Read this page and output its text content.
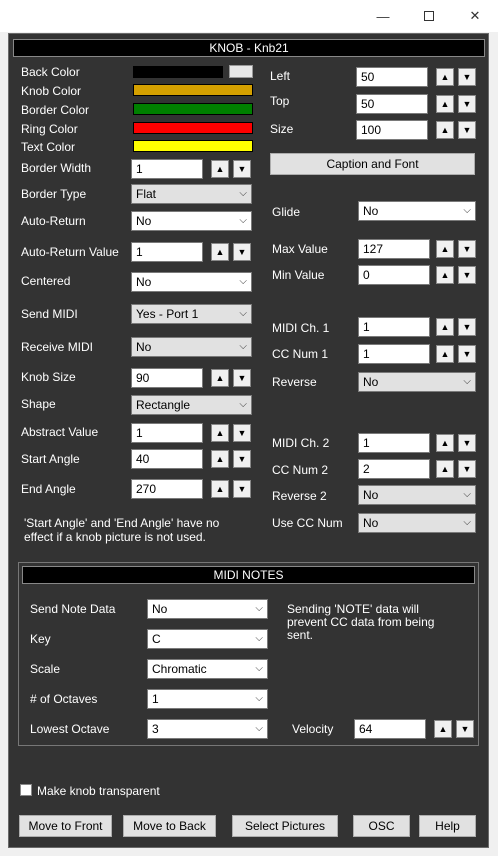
—	✕
KNOB - Knb21
Back Color
Knob Color
Border Color
Ring Color
Text Color
Border Width	1	▲	▼
Border Type	Flat	⌵
Auto-Return	No	⌵
Auto-Return Value	1	▲	▼
Centered	No	⌵
Send MIDI	Yes - Port 1	⌵
Receive MIDI	No	⌵
Knob Size	90	▲	▼
Shape	Rectangle	⌵
Abstract Value	1	▲	▼
Start Angle	40	▲	▼
End Angle	270	▲	▼
'Start Angle' and 'End Angle' have no
effect if a knob picture is not used.
Left	50	▲	▼
Top	50	▲	▼
Size	100	▲	▼
Caption and Font
Glide	No	⌵
Max Value	127	▲	▼
Min Value	0	▲	▼
MIDI Ch. 1	1	▲	▼
CC Num 1	1	▲	▼
Reverse	No	⌵
MIDI Ch. 2	1	▲	▼
CC Num 2	2	▲	▼
Reverse 2	No	⌵
Use CC Num	No	⌵
MIDI NOTES
Send Note Data	No	⌵
Key	C	⌵
Scale	Chromatic	⌵
# of Octaves	1	⌵
Lowest Octave	3	⌵
Sending 'NOTE' data will
prevent CC data from being
sent.
Velocity	64	▲	▼
Make knob transparent
Move to Front	Move to Back	Select Pictures	OSC	Help
